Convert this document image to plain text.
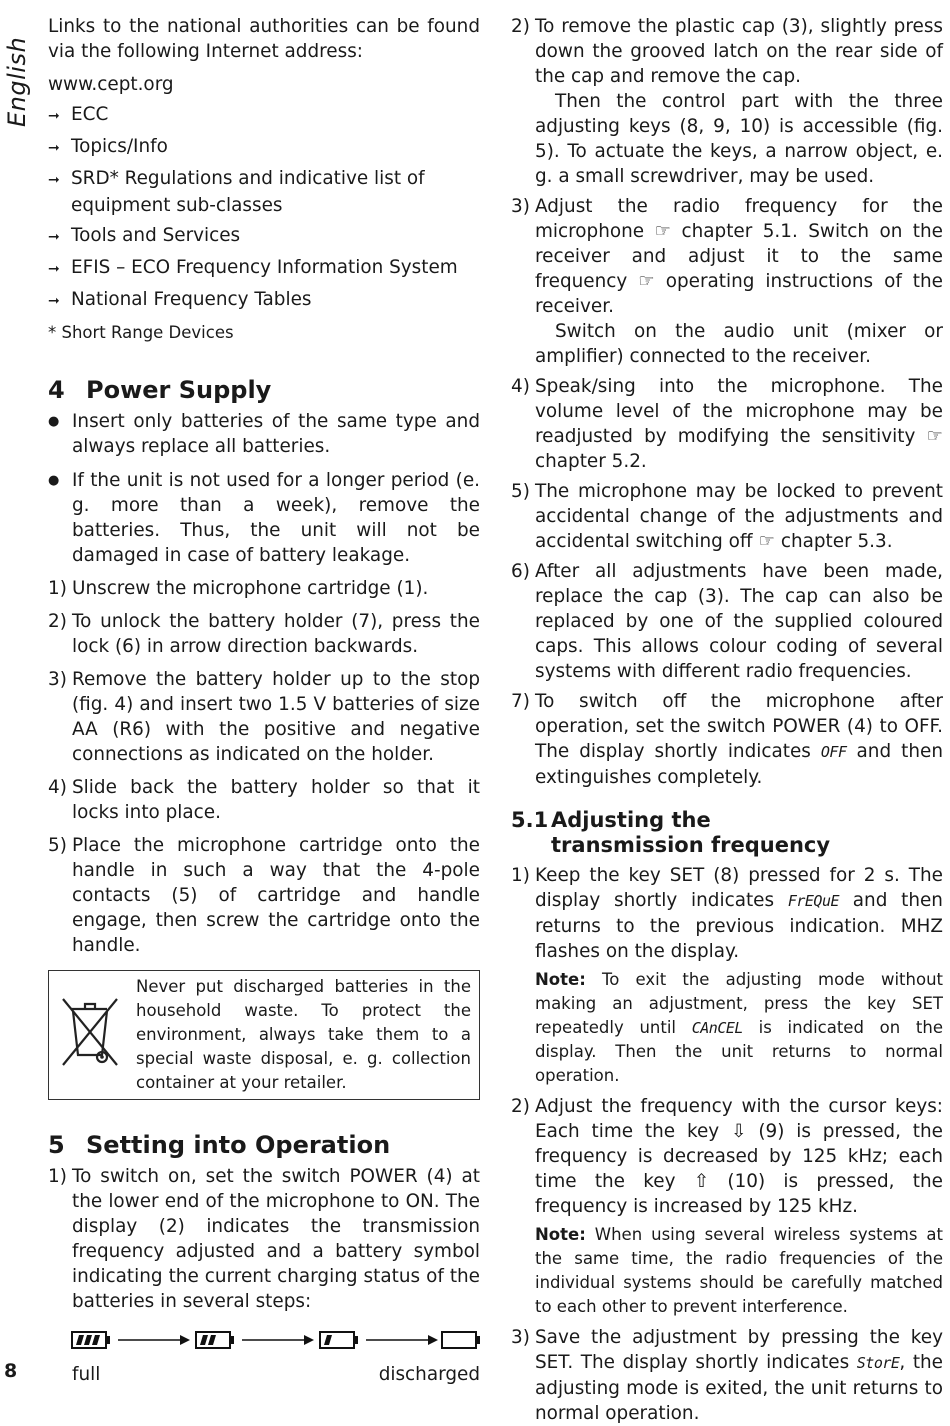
English
8

Links to the national authorities can be found via the following Internet address:

www.cept.org

➞ ECC
➞ Topics/Info
➞ SRD* Regulations and indicative list of equipment sub-classes
➞ Tools and Services
➞ EFIS – ECO Frequency Information System
➞ National Frequency Tables

* Short Range Devices

4 Power Supply

● Insert only batteries of the same type and always replace all batteries.

● If the unit is not used for a longer period (e. g. more than a week), remove the batteries. Thus, the unit will not be damaged in case of battery leakage.

1) Unscrew the microphone cartridge (1).

2) To unlock the battery holder (7), press the lock (6) in arrow direction backwards.

3) Remove the battery holder up to the stop (fig. 4) and insert two 1.5 V batteries of size AA (R6) with the positive and negative connections as indicated on the holder.

4) Slide back the battery holder so that it locks into place.

5) Place the microphone cartridge onto the handle in such a way that the 4-pole contacts (5) of cartridge and handle engage, then screw the cartridge onto the handle.

Never put discharged batteries in the household waste. To protect the environment, always take them to a special waste disposal, e. g. collection container at your retailer.
5 Setting into Operation

1) To switch on, set the switch POWER (4) at the lower end of the microphone to ON. The display (2) indicates the transmission frequency adjusted and a battery symbol indicating the current charging status of the batteries in several steps:

full	discharged

2) To remove the plastic cap (3), slightly press down the grooved latch on the rear side of the cap and remove the cap.

Then the control part with the three adjusting keys (8, 9, 10) is accessible (fig. 5). To actuate the keys, a narrow object, e. g. a small screwdriver, may be used.

3) Adjust the radio frequency for the microphone ☞ chapter 5.1. Switch on the receiver and adjust it to the same frequency ☞ operating instructions of the receiver.

Switch on the audio unit (mixer or amplifier) connected to the receiver.

4) Speak/sing into the microphone. The volume level of the microphone may be readjusted by modifying the sensitivity ☞ chapter 5.2.

5) The microphone may be locked to prevent accidental change of the adjustments and accidental switching off ☞ chapter 5.3.

6) After all adjustments have been made, replace the cap (3). The cap can also be replaced by one of the supplied coloured caps. This allows colour coding of several systems with different radio frequencies.

7) To switch off the microphone after operation, set the switch POWER (4) to OFF. The display shortly indicates OFF and then extinguishes completely.

5.1 Adjusting the
transmission frequency

1) Keep the key SET (8) pressed for 2 s. The display shortly indicates FrEQuE and then returns to the previous indication. MHZ flashes on the display.

Note: To exit the adjusting mode without making an adjustment, press the key SET repeatedly until CAnCEL is indicated on the display. Then the unit returns to normal operation.

2) Adjust the frequency with the cursor keys: Each time the key ⇩ (9) is pressed, the frequency is decreased by 125 kHz; each time the key ⇧ (10) is pressed, the frequency is increased by 125 kHz.

Note: When using several wireless systems at the same time, the radio frequencies of the individual systems should be carefully matched to each other to prevent interference.

3) Save the adjustment by pressing the key SET. The display shortly indicates StorE, the adjusting mode is exited, the unit returns to normal operation.
